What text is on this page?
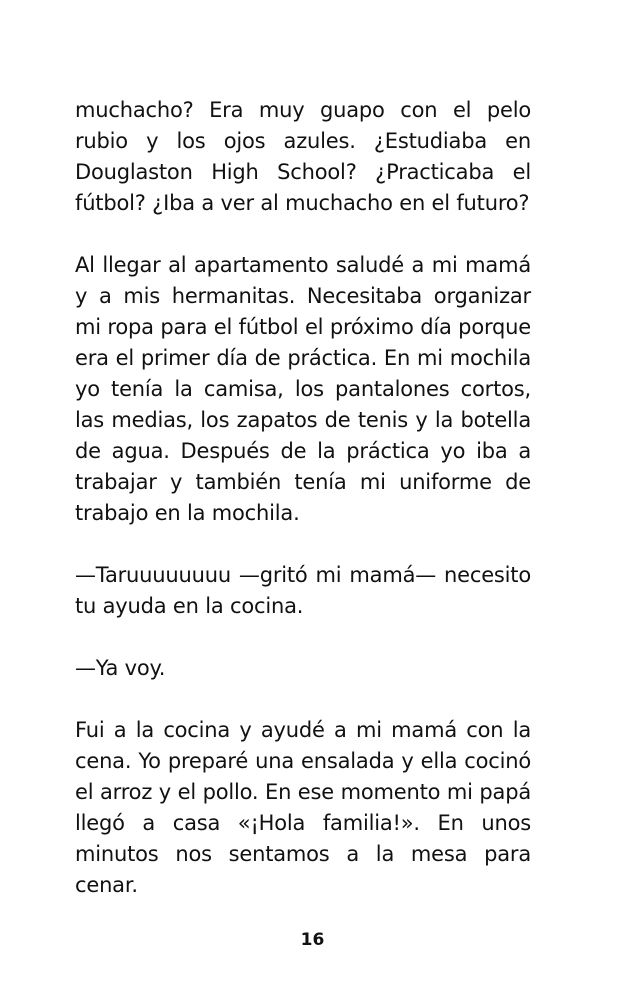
muchacho? Era muy guapo con el pelo rubio y los ojos azules. ¿Estudiaba en Douglaston High School? ¿Practicaba el fútbol? ¿Iba a ver al muchacho en el futuro?

Al llegar al apartamento saludé a mi mamá y a mis hermanitas. Necesitaba organizar mi ropa para el fútbol el próximo día porque era el primer día de práctica. En mi mochila yo tenía la camisa, los pantalones cortos, las medias, los zapatos de tenis y la botella de agua. Después de la práctica yo iba a trabajar y también tenía mi uniforme de trabajo en la mochila.

—Taruuuuuuuu —gritó mi mamá— necesito tu ayuda en la cocina.

—Ya voy.

Fui a la cocina y ayudé a mi mamá con la cena. Yo preparé una ensalada y ella cocinó el arroz y el pollo. En ese momento mi papá llegó a casa «¡Hola familia!». En unos minutos nos sentamos a la mesa para cenar.

16
